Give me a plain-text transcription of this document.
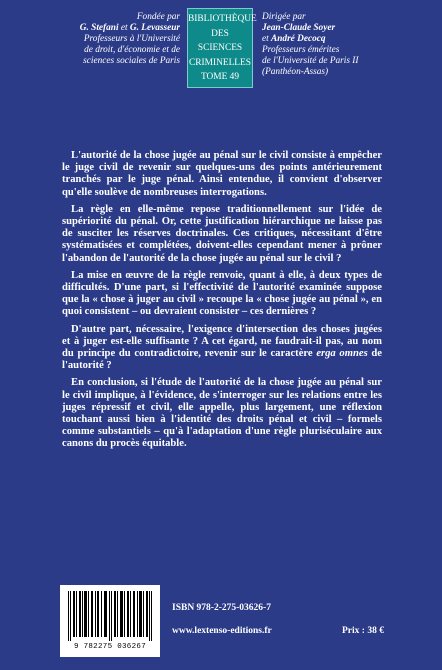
Fondée par
G. Stefani et G. Levasseur
Professeurs à l'Université
de droit, d'économie et de
sciences sociales de Paris
BIBLIOTHÈQUE
DES SCIENCES
CRIMINELLES
TOME 49
Dirigée par
Jean-Claude Soyer
et André Decocq
Professeurs émérites
de l'Université de Paris II
(Panthéon-Assas)

L'autorité de la chose jugée au pénal sur le civil consiste à empêcher le juge civil de revenir sur quelques-uns des points antérieurement tranchés par le juge pénal. Ainsi entendue, il convient d'observer qu'elle soulève de nombreuses interrogations.

La règle en elle-même repose traditionnellement sur l'idée de supériorité du pénal. Or, cette justification hiérarchique ne laisse pas de susciter les réserves doctrinales. Ces critiques, nécessitant d'être systématisées et complétées, doivent-elles cependant mener à prôner l'abandon de l'autorité de la chose jugée au pénal sur le civil ?

La mise en œuvre de la règle renvoie, quant à elle, à deux types de difficultés. D'une part, si l'effectivité de l'autorité examinée suppose que la « chose à juger au civil » recoupe la « chose jugée au pénal », en quoi consistent – ou devraient consister – ces dernières ?

D'autre part, nécessaire, l'exigence d'intersection des choses jugées et à juger est-elle suffisante ? A cet égard, ne faudrait-il pas, au nom du principe du contradictoire, revenir sur le caractère erga omnes de l'autorité ?

En conclusion, si l'étude de l'autorité de la chose jugée au pénal sur le civil implique, à l'évidence, de s'interroger sur les relations entre les juges répressif et civil, elle appelle, plus largement, une réflexion touchant aussi bien à l'identité des droits pénal et civil – formels comme substantiels – qu'à l'adaptation d'une règle pluriséculaire aux canons du procès équitable.

9 782275 036267
ISBN 978-2-275-03626-7
www.lextenso-editions.fr	Prix : 38 €
